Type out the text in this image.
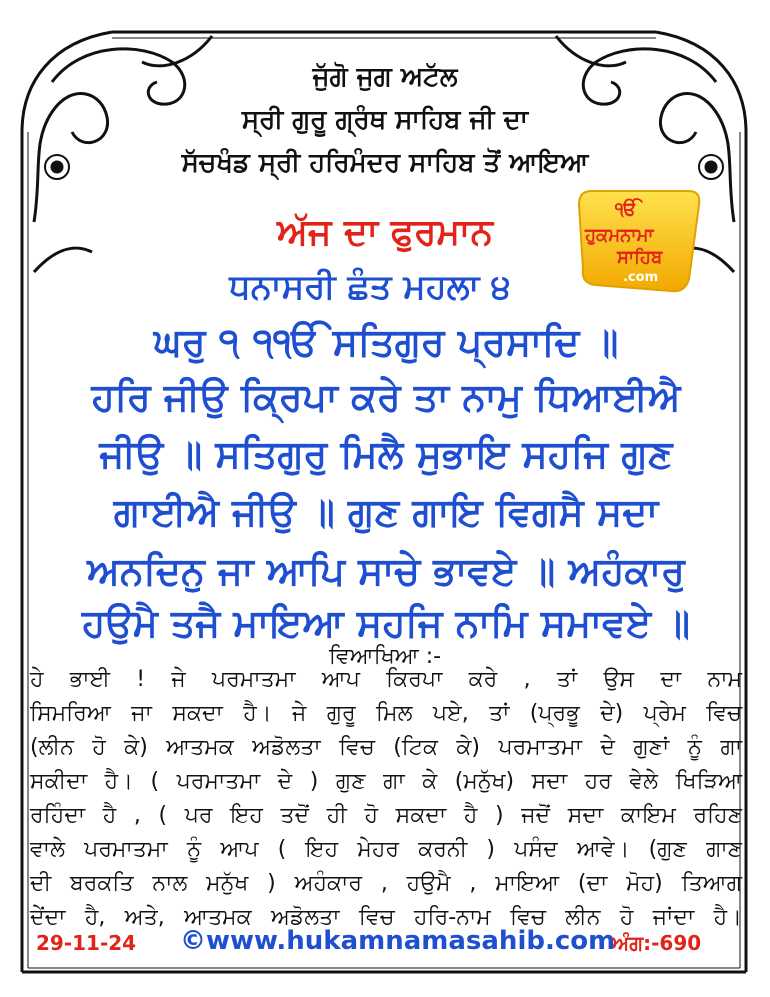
ਜੁੱਗੋ ਜੁਗ ਅਟੱਲ
ਸ੍ਰੀ ਗੁਰੂ ਗ੍ਰੰਥ ਸਾਹਿਬ ਜੀ ਦਾ
ਸੱਚਖੰਡ ਸ੍ਰੀ ਹਰਿਮੰਦਰ ਸਾਹਿਬ ਤੋਂ ਆਇਆ
ਅੱਜ ਦਾ ਫੁਰਮਾਨ
ੴ
ਹੁਕਮਨਾਮਾ
ਸਾਹਿਬ
.com
ਧਨਾਸਰੀ ਛੰਤ ਮਹਲਾ ੪
ਘਰੁ ੧ ੧ੴ ਸਤਿਗੁਰ ਪ੍ਰਸਾਦਿ ॥
ਹਰਿ ਜੀਉ ਕ੍ਰਿਪਾ ਕਰੇ ਤਾ ਨਾਮੁ ਧਿਆਈਐ
ਜੀਉ ॥ ਸਤਿਗੁਰੁ ਮਿਲੈ ਸੁਭਾਇ ਸਹਜਿ ਗੁਣ
ਗਾਈਐ ਜੀਉ ॥ ਗੁਣ ਗਾਇ ਵਿਗਸੈ ਸਦਾ
ਅਨਦਿਨੁ ਜਾ ਆਪਿ ਸਾਚੇ ਭਾਵਏ ॥ ਅਹੰਕਾਰੁ
ਹਉਮੈ ਤਜੈ ਮਾਇਆ ਸਹਜਿ ਨਾਮਿ ਸਮਾਵਏ ॥
ਵਿਆਖਿਆ :-
ਹੇ ਭਾਈ ! ਜੇ ਪਰਮਾਤਮਾ ਆਪ ਕਿਰਪਾ ਕਰੇ , ਤਾਂ ਉਸ ਦਾ ਨਾਮ
ਸਿਮਰਿਆ ਜਾ ਸਕਦਾ ਹੈ। ਜੇ ਗੁਰੂ ਮਿਲ ਪਏ, ਤਾਂ (ਪ੍ਰਭੂ ਦੇ) ਪ੍ਰੇਮ ਵਿਚ
(ਲੀਨ ਹੋ ਕੇ) ਆਤਮਕ ਅਡੋਲਤਾ ਵਿਚ (ਟਿਕ ਕੇ) ਪਰਮਾਤਮਾ ਦੇ ਗੁਣਾਂ ਨੂੰ ਗਾ
ਸਕੀਦਾ ਹੈ। ( ਪਰਮਾਤਮਾ ਦੇ ) ਗੁਣ ਗਾ ਕੇ (ਮਨੁੱਖ) ਸਦਾ ਹਰ ਵੇਲੇ ਖਿੜਿਆ
ਰਹਿੰਦਾ ਹੈ , ( ਪਰ ਇਹ ਤਦੋਂ ਹੀ ਹੋ ਸਕਦਾ ਹੈ ) ਜਦੋਂ ਸਦਾ ਕਾਇਮ ਰਹਿਣ
ਵਾਲੇ ਪਰਮਾਤਮਾ ਨੂੰ ਆਪ ( ਇਹ ਮੇਹਰ ਕਰਨੀ ) ਪਸੰਦ ਆਵੇ। (ਗੁਣ ਗਾਣ
ਦੀ ਬਰਕਤਿ ਨਾਲ ਮਨੁੱਖ ) ਅਹੰਕਾਰ , ਹਉਮੈ , ਮਾਇਆ (ਦਾ ਮੋਹ) ਤਿਆਗ
ਦੇਂਦਾ ਹੈ, ਅਤੇ, ਆਤਮਕ ਅਡੋਲਤਾ ਵਿਚ ਹਰਿ-ਨਾਮ ਵਿਚ ਲੀਨ ਹੋ ਜਾਂਦਾ ਹੈ।
29-11-24 ©www.hukamnamasahib.com
ਅੰਗ:-690
